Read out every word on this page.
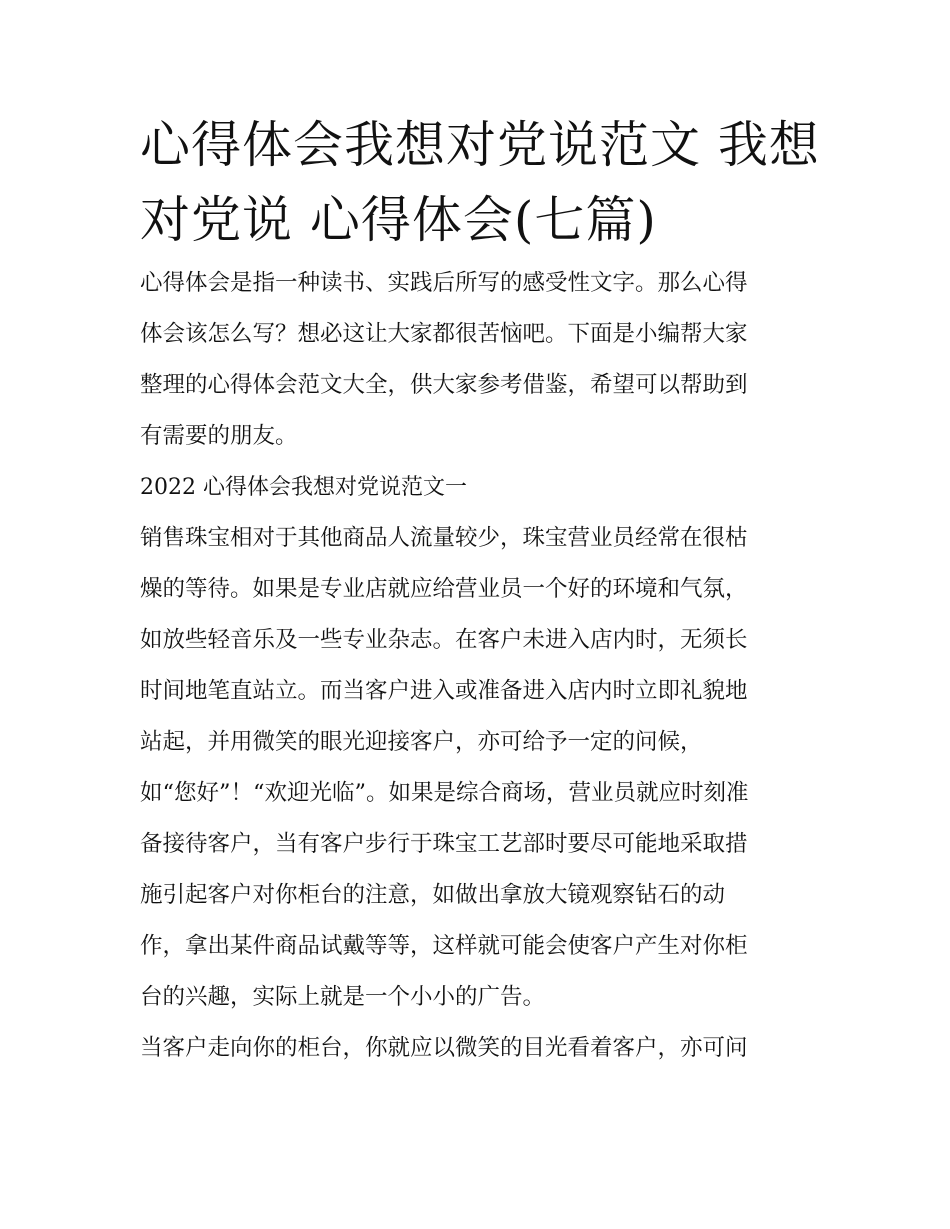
心得体会我想对党说范文 我想
对党说 心得体会(七篇)

心得体会是指一种读书、实践后所写的感受性文字。那么心得
体会该怎么写？想必这让大家都很苦恼吧。下面是小编帮大家
整理的心得体会范文大全，供大家参考借鉴，希望可以帮助到
有需要的朋友。

2022 心得体会我想对党说范文一

销售珠宝相对于其他商品人流量较少，珠宝营业员经常在很枯
燥的等待。如果是专业店就应给营业员一个好的环境和气氛，
如放些轻音乐及一些专业杂志。在客户未进入店内时，无须长
时间地笔直站立。而当客户进入或准备进入店内时立即礼貌地
站起，并用微笑的眼光迎接客户，亦可给予一定的问候，
如“您好”！“欢迎光临”。如果是综合商场，营业员就应时刻准
备接待客户，当有客户步行于珠宝工艺部时要尽可能地采取措
施引起客户对你柜台的注意，如做出拿放大镜观察钻石的动
作，拿出某件商品试戴等等，这样就可能会使客户产生对你柜
台的兴趣，实际上就是一个小小的广告。

当客户走向你的柜台，你就应以微笑的目光看着客户，亦可问
